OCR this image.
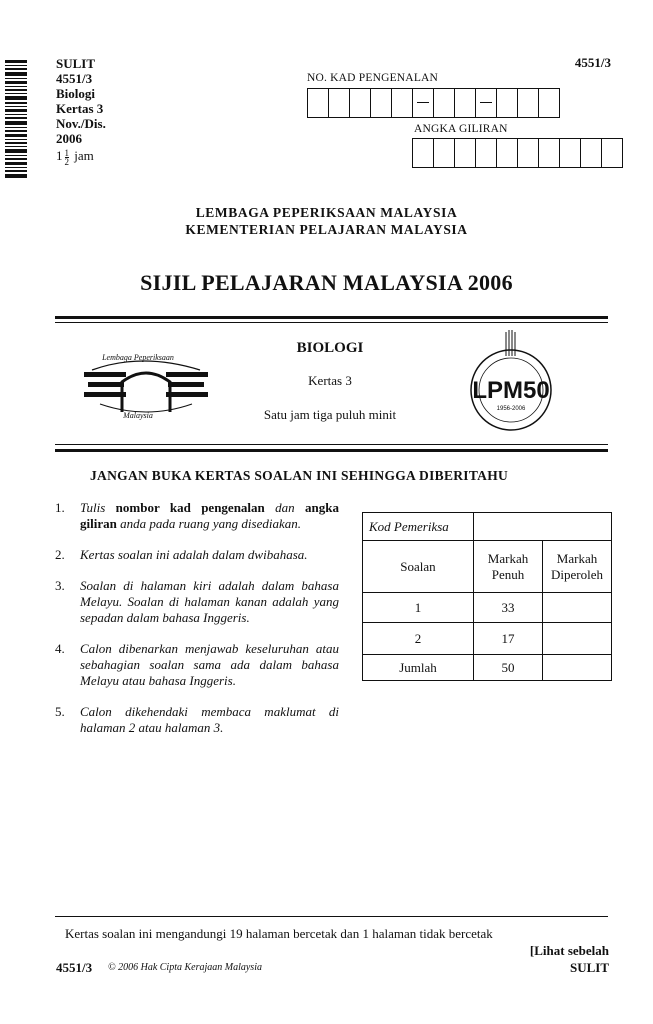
SULIT
4551/3
Biologi
Kertas 3
Nov./Dis.
2006
$1 \frac{1}{2}$ jam
4551/3
NO. KAD PENGENALAN
ANGKA GILIRAN
LEMBAGA PEPERIKSAAN MALAYSIA
KEMENTERIAN PELAJARAN MALAYSIA
SIJIL PELAJARAN MALAYSIA 2006
Lembaga Peperiksaan
Malaysia
BIOLOGI
Kertas 3
Satu jam tiga puluh minit
LPM50
1956-2006
JANGAN BUKA KERTAS SOALAN INI SEHINGGA DIBERITAHU
1.	Tulis nombor kad pengenalan dan angka giliran anda pada ruang yang disediakan.
2.	Kertas soalan ini adalah dalam dwibahasa.
3.	Soalan di halaman kiri adalah dalam bahasa Melayu. Soalan di halaman kanan adalah yang sepadan dalam bahasa Inggeris.
4.	Calon dibenarkan menjawab keseluruhan atau sebahagian soalan sama ada dalam bahasa Melayu atau bahasa Inggeris.
5.	Calon dikehendaki membaca maklumat di halaman 2 atau halaman 3.
Kod Pemeriksa		
Soalan	Markah Penuh	Markah Diperoleh
1	33	
2	17	
Jumlah	50	
Kertas soalan ini mengandungi 19 halaman bercetak dan 1 halaman tidak bercetak
[Lihat sebelah
4551/3 © 2006 Hak Cipta Kerajaan Malaysia	SULIT
